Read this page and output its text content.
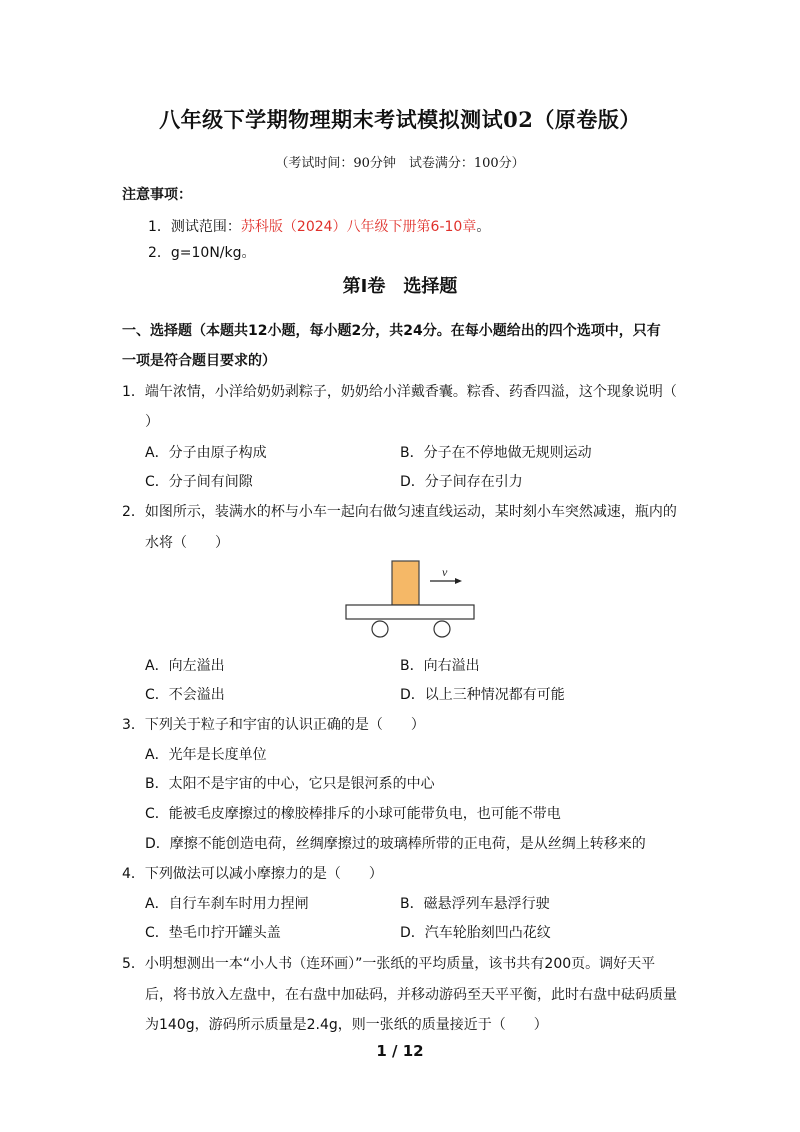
八年级下学期物理期末考试模拟测试02（原卷版）
（考试时间：90分钟　试卷满分：100分）
注意事项：
1．测试范围：苏科版（2024）八年级下册第6-10章。
2．g=10N/kg。
第Ⅰ卷　选择题
一、选择题（本题共12小题，每小题2分，共24分。在每小题给出的四个选项中，只有
一项是符合题目要求的）
1．端午浓情，小洋给奶奶剥粽子，奶奶给小洋戴香囊。粽香、药香四溢，这个现象说明（
）
A．分子由原子构成	B．分子在不停地做无规则运动
C．分子间有间隙	D．分子间存在引力
2．如图所示，装满水的杯与小车一起向右做匀速直线运动，某时刻小车突然减速，瓶内的
水将（　　）
v
A．向左溢出	B．向右溢出
C．不会溢出	D．以上三种情况都有可能
3．下列关于粒子和宇宙的认识正确的是（　　）
A．光年是长度单位
B．太阳不是宇宙的中心，它只是银河系的中心
C．能被毛皮摩擦过的橡胶棒排斥的小球可能带负电，也可能不带电
D．摩擦不能创造电荷，丝绸摩擦过的玻璃棒所带的正电荷，是从丝绸上转移来的
4．下列做法可以减小摩擦力的是（　　）
A．自行车刹车时用力捏闸	B．磁悬浮列车悬浮行驶
C．垫毛巾拧开罐头盖	D．汽车轮胎刻凹凸花纹
5．小明想测出一本“小人书（连环画）”一张纸的平均质量，该书共有200页。调好天平
后，将书放入左盘中，在右盘中加砝码，并移动游码至天平平衡，此时右盘中砝码质量
为140g，游码所示质量是2.4g，则一张纸的质量接近于（　　）
1 / 12
